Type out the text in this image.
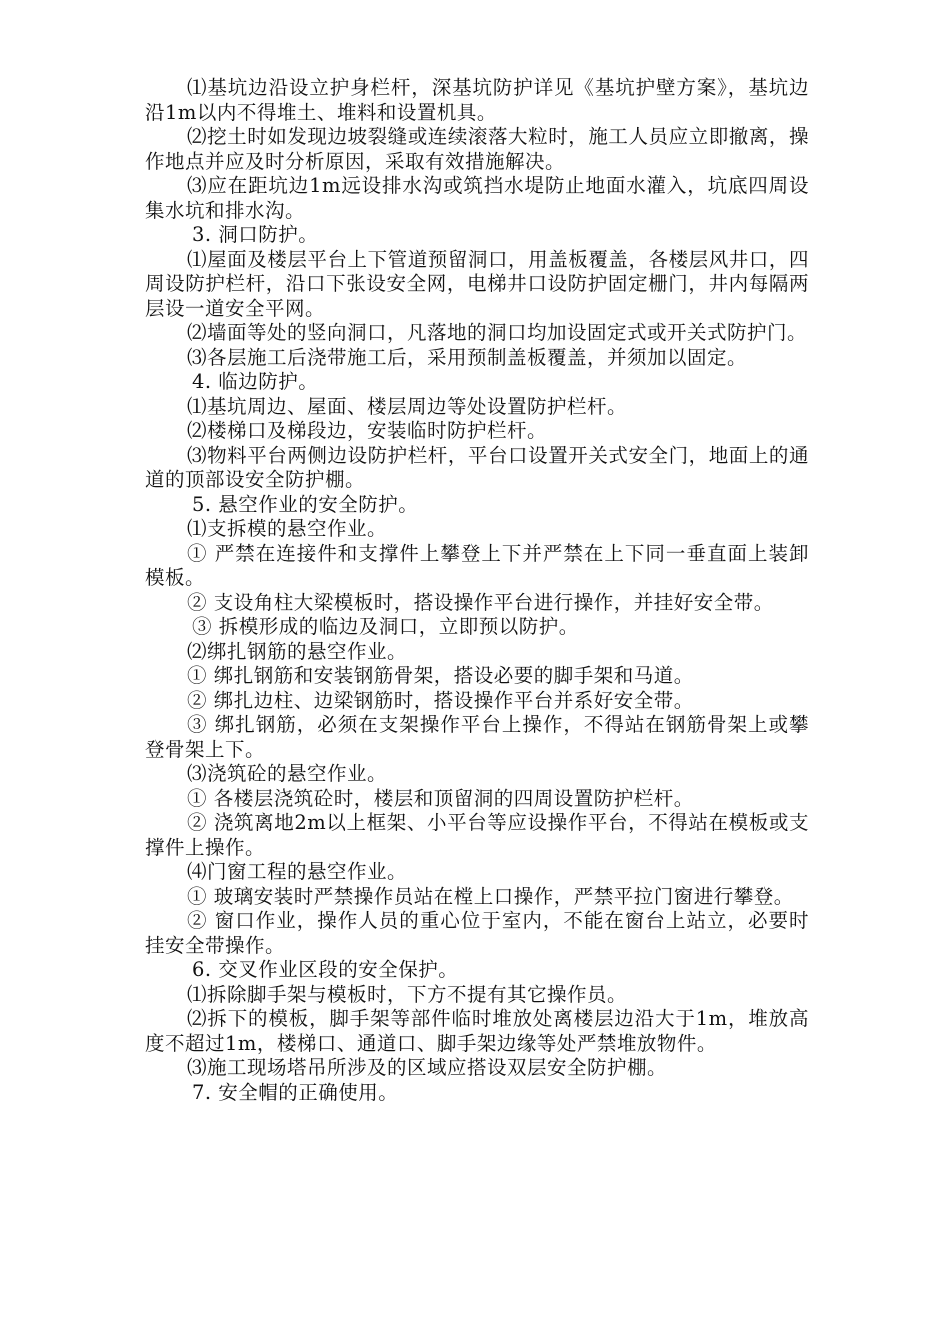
⑴基坑边沿设立护身栏杆，深基坑防护详见《基坑护壁方案》，基坑边沿1m以内不得堆土、堆料和设置机具。

⑵挖土时如发现边坡裂缝或连续滚落大粒时，施工人员应立即撤离，操作地点并应及时分析原因，采取有效措施解决。

⑶应在距坑边1m远设排水沟或筑挡水堤防止地面水灌入，坑底四周设集水坑和排水沟。

3. 洞口防护。

⑴屋面及楼层平台上下管道预留洞口，用盖板覆盖，各楼层风井口，四周设防护栏杆，沿口下张设安全网，电梯井口设防护固定栅门，井内每隔两层设一道安全平网。

⑵墙面等处的竖向洞口，凡落地的洞口均加设固定式或开关式防护门。

⑶各层施工后浇带施工后，采用预制盖板覆盖，并须加以固定。

4. 临边防护。

⑴基坑周边、屋面、楼层周边等处设置防护栏杆。

⑵楼梯口及梯段边，安装临时防护栏杆。

⑶物料平台两侧边设防护栏杆，平台口设置开关式安全门，地面上的通道的顶部设安全防护棚。

5. 悬空作业的安全防护。

⑴支拆模的悬空作业。

① 严禁在连接件和支撑件上攀登上下并严禁在上下同一垂直面上装卸模板。

② 支设角柱大梁模板时，搭设操作平台进行操作，并挂好安全带。

③ 拆模形成的临边及洞口，立即预以防护。

⑵绑扎钢筋的悬空作业。

① 绑扎钢筋和安装钢筋骨架，搭设必要的脚手架和马道。

② 绑扎边柱、边梁钢筋时，搭设操作平台并系好安全带。

③ 绑扎钢筋，必须在支架操作平台上操作，不得站在钢筋骨架上或攀登骨架上下。

⑶浇筑砼的悬空作业。

① 各楼层浇筑砼时，楼层和顶留洞的四周设置防护栏杆。

② 浇筑离地2m以上框架、小平台等应设操作平台，不得站在模板或支撑件上操作。

⑷门窗工程的悬空作业。

① 玻璃安装时严禁操作员站在樘上口操作，严禁平拉门窗进行攀登。

② 窗口作业，操作人员的重心位于室内，不能在窗台上站立，必要时挂安全带操作。

6. 交叉作业区段的安全保护。

⑴拆除脚手架与模板时，下方不提有其它操作员。

⑵拆下的模板，脚手架等部件临时堆放处离楼层边沿大于1m，堆放高度不超过1m，楼梯口、通道口、脚手架边缘等处严禁堆放物件。

⑶施工现场塔吊所涉及的区域应搭设双层安全防护棚。

7. 安全帽的正确使用。
